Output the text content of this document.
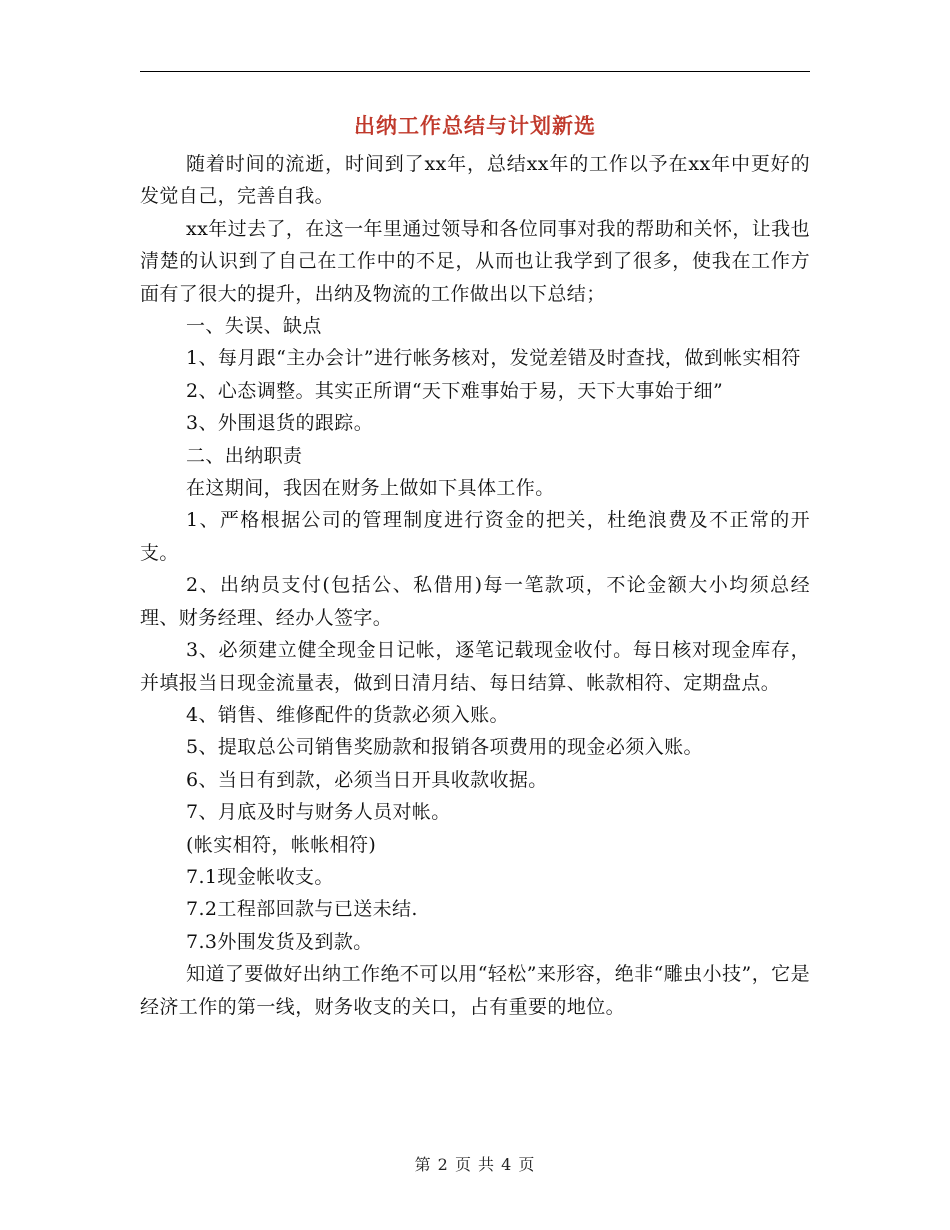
出纳工作总结与计划新选

随着时间的流逝，时间到了xx年，总结xx年的工作以予在xx年中更好的发觉自己，完善自我。

xx年过去了，在这一年里通过领导和各位同事对我的帮助和关怀，让我也清楚的认识到了自己在工作中的不足，从而也让我学到了很多，使我在工作方面有了很大的提升，出纳及物流的工作做出以下总结；

一、失误、缺点

1、每月跟“主办会计”进行帐务核对，发觉差错及时查找，做到帐实相符

2、心态调整。其实正所谓“天下难事始于易，天下大事始于细”

3、外围退货的跟踪。

二、出纳职责

在这期间，我因在财务上做如下具体工作。

1、严格根据公司的管理制度进行资金的把关，杜绝浪费及不正常的开支。

2、出纳员支付(包括公、私借用)每一笔款项，不论金额大小均须总经理、财务经理、经办人签字。

3、必须建立健全现金日记帐，逐笔记载现金收付。每日核对现金库存，并填报当日现金流量表，做到日清月结、每日结算、帐款相符、定期盘点。

4、销售、维修配件的货款必须入账。

5、提取总公司销售奖励款和报销各项费用的现金必须入账。

6、当日有到款，必须当日开具收款收据。

7、月底及时与财务人员对帐。

(帐实相符，帐帐相符)

7.1现金帐收支。

7.2工程部回款与已送未结.

7.3外围发货及到款。

知道了要做好出纳工作绝不可以用“轻松”来形容，绝非“雕虫小技”，它是经济工作的第一线，财务收支的关口，占有重要的地位。

第 2 页 共 4 页
